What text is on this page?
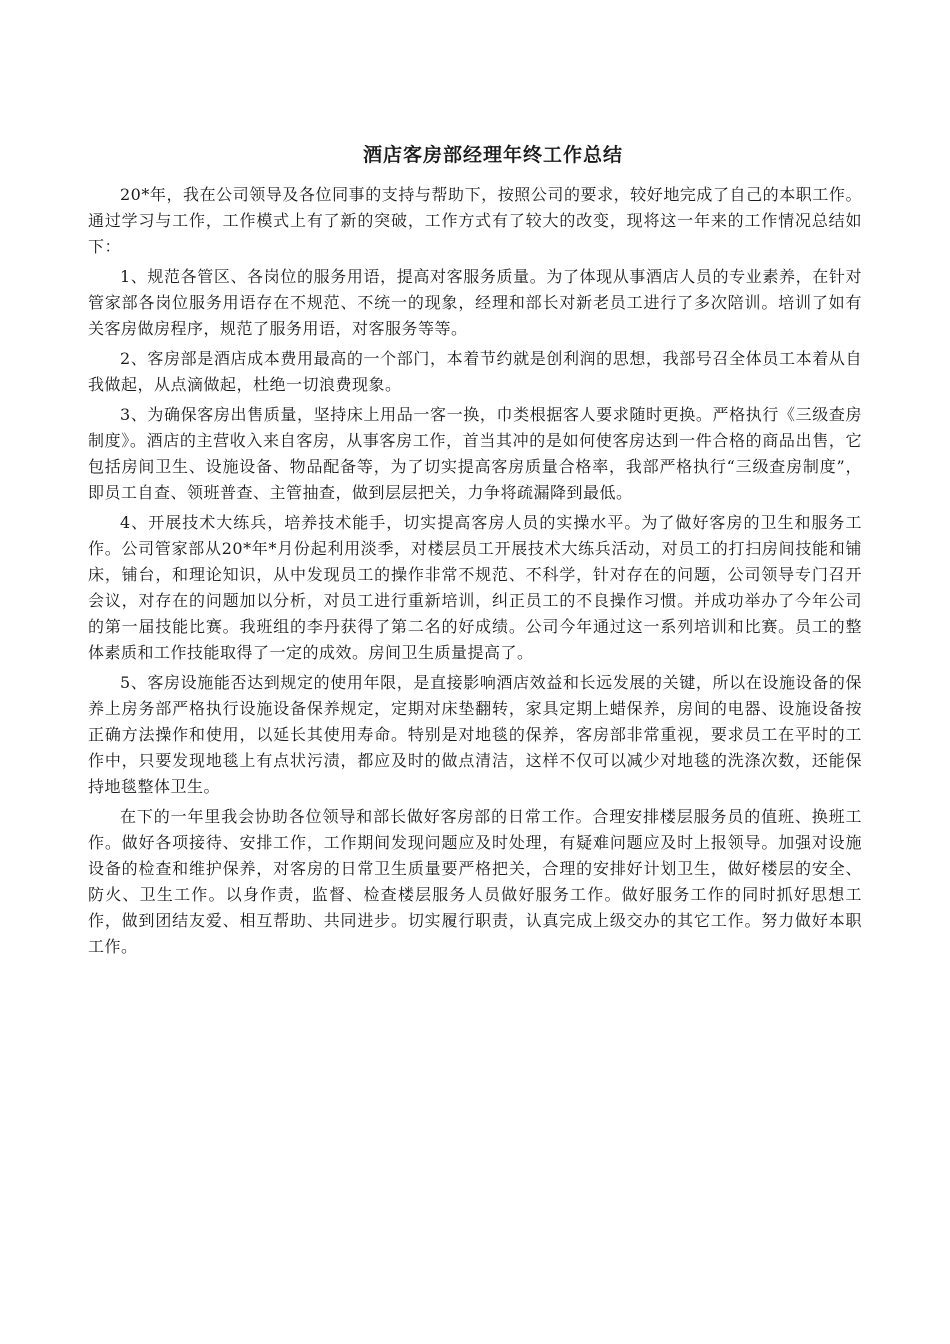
酒店客房部经理年终工作总结

20*年，我在公司领导及各位同事的支持与帮助下，按照公司的要求，较好地完成了自己的本职工作。通过学习与工作，工作模式上有了新的突破，工作方式有了较大的改变，现将这一年来的工作情况总结如下：

1、规范各管区、各岗位的服务用语，提高对客服务质量。为了体现从事酒店人员的专业素养，在针对管家部各岗位服务用语存在不规范、不统一的现象，经理和部长对新老员工进行了多次陪训。培训了如有关客房做房程序，规范了服务用语，对客服务等等。

2、客房部是酒店成本费用最高的一个部门，本着节约就是创利润的思想，我部号召全体员工本着从自我做起，从点滴做起，杜绝一切浪费现象。

3、为确保客房出售质量，坚持床上用品一客一换，巾类根据客人要求随时更换。严格执行《三级查房制度》。酒店的主营收入来自客房，从事客房工作，首当其冲的是如何使客房达到一件合格的商品出售，它包括房间卫生、设施设备、物品配备等，为了切实提高客房质量合格率，我部严格执行“三级查房制度”，即员工自查、领班普查、主管抽查，做到层层把关，力争将疏漏降到最低。

4、开展技术大练兵，培养技术能手，切实提高客房人员的实操水平。为了做好客房的卫生和服务工作。公司管家部从20*年*月份起利用淡季，对楼层员工开展技术大练兵活动，对员工的打扫房间技能和铺床，铺台，和理论知识，从中发现员工的操作非常不规范、不科学，针对存在的问题，公司领导专门召开会议，对存在的问题加以分析，对员工进行重新培训，纠正员工的不良操作习惯。并成功举办了今年公司的第一届技能比赛。我班组的李丹获得了第二名的好成绩。公司今年通过这一系列培训和比赛。员工的整体素质和工作技能取得了一定的成效。房间卫生质量提高了。

5、客房设施能否达到规定的使用年限，是直接影响酒店效益和长远发展的关键，所以在设施设备的保养上房务部严格执行设施设备保养规定，定期对床垫翻转，家具定期上蜡保养，房间的电器、设施设备按正确方法操作和使用，以延长其使用寿命。特别是对地毯的保养，客房部非常重视，要求员工在平时的工作中，只要发现地毯上有点状污渍，都应及时的做点清洁，这样不仅可以减少对地毯的洗涤次数，还能保持地毯整体卫生。

在下的一年里我会协助各位领导和部长做好客房部的日常工作。合理安排楼层服务员的值班、换班工作。做好各项接待、安排工作，工作期间发现问题应及时处理，有疑难问题应及时上报领导。加强对设施设备的检查和维护保养，对客房的日常卫生质量要严格把关，合理的安排好计划卫生，做好楼层的安全、防火、卫生工作。以身作责，监督、检查楼层服务人员做好服务工作。做好服务工作的同时抓好思想工作，做到团结友爱、相互帮助、共同进步。切实履行职责，认真完成上级交办的其它工作。努力做好本职工作。
